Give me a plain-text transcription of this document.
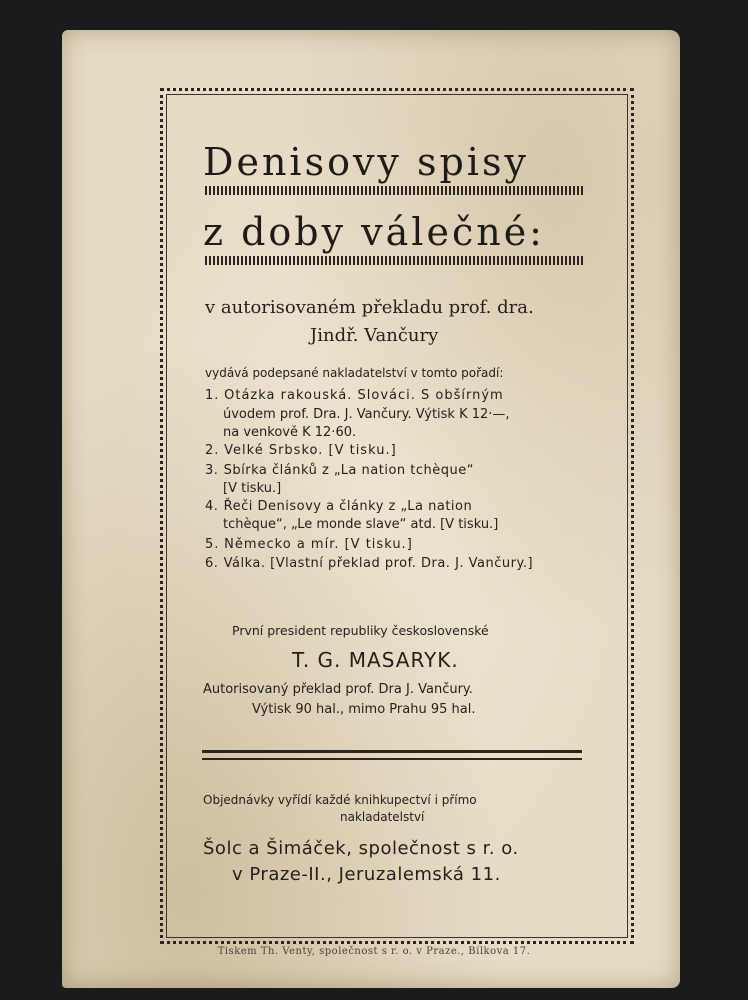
Denisovy spisy
z doby válečné:
v autorisovaném překladu prof. dra.
Jindř. Vančury
vydává podepsané nakladatelství v tomto pořadí:
1. Otázka rakouská. Slováci. S obšírným
úvodem prof. Dra. J. Vančury. Výtisk K 12·—,
na venkově K 12·60.
2. Velké Srbsko. [V tisku.]
3. Sbírka článků z „La nation tchèque“
[V tisku.]
4. Řeči Denisovy a články z „La nation
tchèque“, „Le monde slave“ atd. [V tisku.]
5. Německo a mír. [V tisku.]
6. Válka. [Vlastní překlad prof. Dra. J. Vančury.]
První president republiky československé
T. G. MASARYK.
Autorisovaný překlad prof. Dra J. Vančury.
Výtisk 90 hal., mimo Prahu 95 hal.
Objednávky vyřídí každé knihkupectví i přímo
nakladatelství
Šolc a Šimáček, společnost s r. o.
v Praze-II., Jeruzalemská 11.
Tiskem Th. Venty, společnost s r. o. v Praze., Bílkova 17.
